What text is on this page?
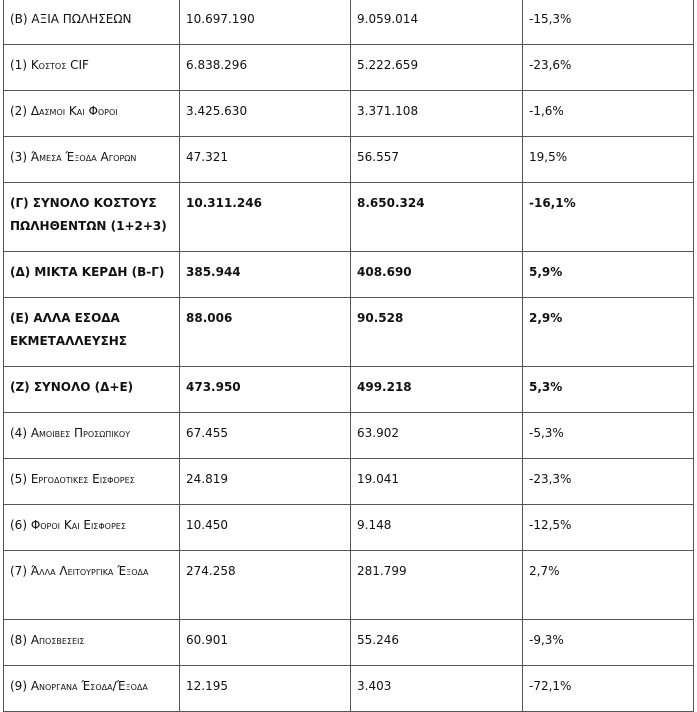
(Β) ΑΞΙΑ ΠΩΛΗΣΕΩΝ	10.697.190	9.059.014	-15,3%
(1) Κοστος CIF	6.838.296	5.222.659	-23,6%
(2) Δασμοι Και Φοροι	3.425.630	3.371.108	-1,6%
(3) Άμεσα Έξοδα Αγορων	47.321	56.557	19,5%
(Γ) ΣΥΝΟΛΟ ΚΟΣΤΟΥΣ ΠΩΛΗΘΕΝΤΩΝ (1+2+3)	10.311.246	8.650.324	-16,1%
(Δ) ΜΙΚΤΑ ΚΕΡΔΗ (Β-Γ)	385.944	408.690	5,9%
(Ε) ΑΛΛΑ ΕΣΟΔΑ ΕΚΜΕΤΑΛΛΕΥΣΗΣ	88.006	90.528	2,9%
(Ζ) ΣΥΝΟΛΟ (Δ+Ε)	473.950	499.218	5,3%
(4) Αμοιβες Προσωπικου	67.455	63.902	-5,3%
(5) Εργοδοτικες Εισφορες	24.819	19.041	-23,3%
(6) Φοροι Και Εισφορες	10.450	9.148	-12,5%
(7) Άλλα Λειτουργικα Έξοδα	274.258	281.799	2,7%
(8) Αποσβεσεις	60.901	55.246	-9,3%
(9) Ανοργανα Έσοδα/Έξοδα	12.195	3.403	-72,1%
